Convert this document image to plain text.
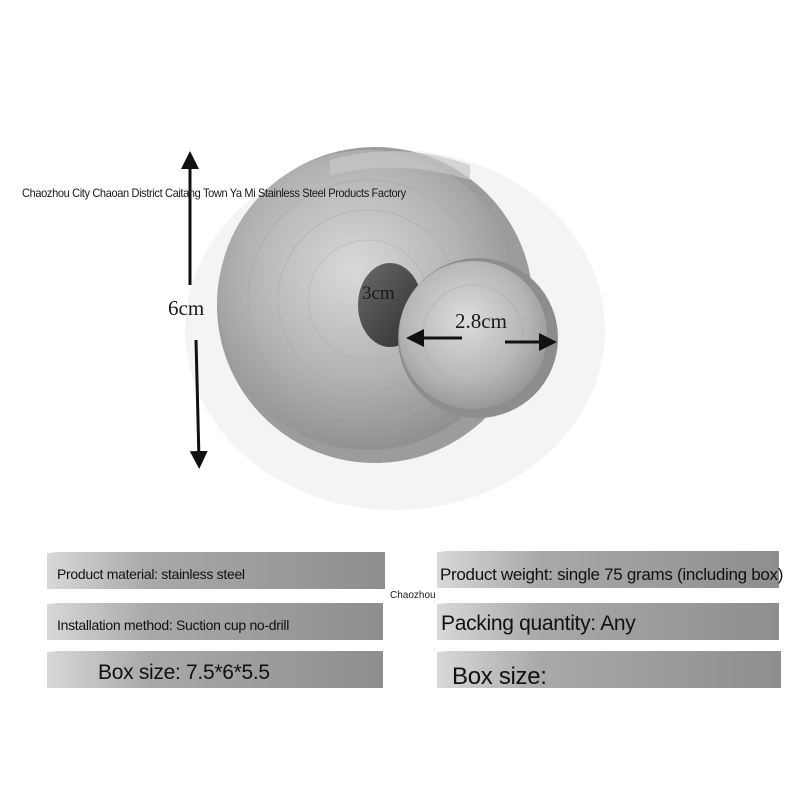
Chaozhou City Chaoan District Caitang Town Ya Mi Stainless Steel Products Factory
6cm
3cm
2.8cm
Product material: stainless steel
Installation method: Suction cup no-drill
Box size: 7.5*6*5.5
Product weight: single 75 grams (including box)
Chaozhou
Packing quantity: Any
Box size:
